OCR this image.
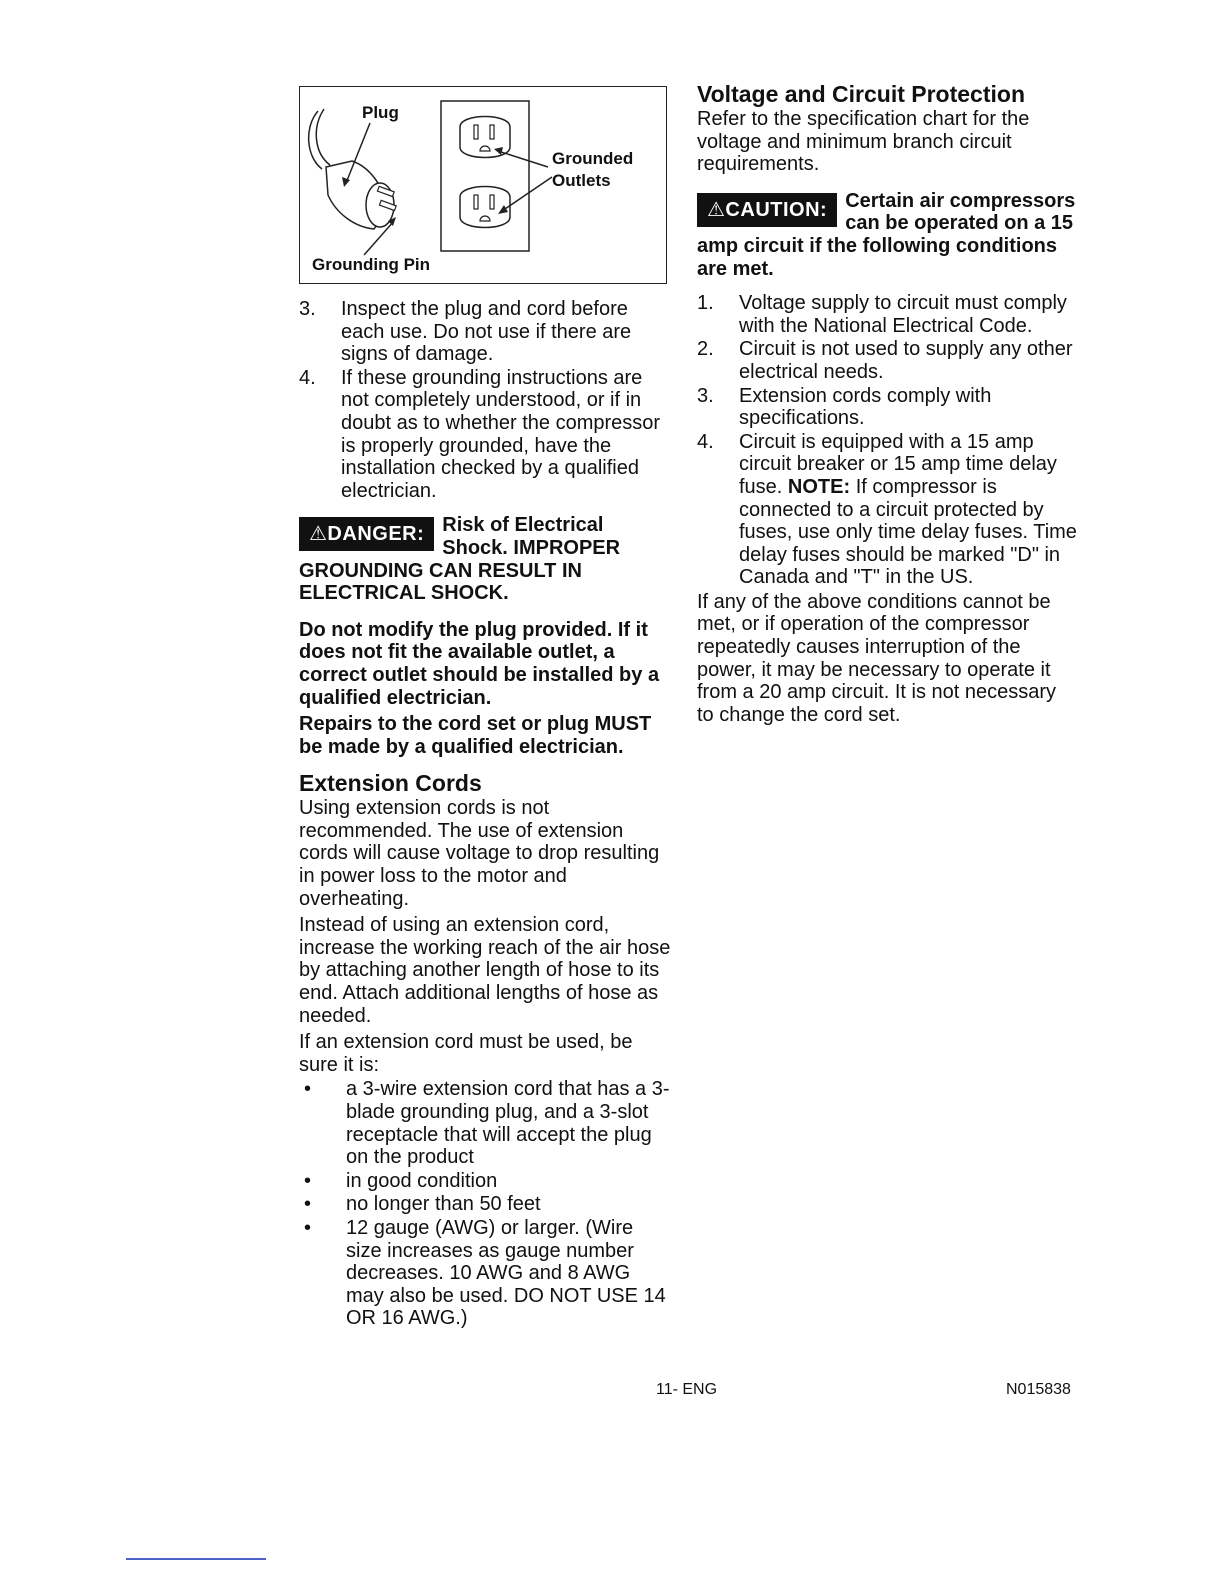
Plug
Grounded
Outlets
Grounding Pin
3. Inspect the plug and cord before each use. Do not use if there are signs of damage.
4. If these grounding instructions are not completely understood, or if in doubt as to whether the compressor is properly grounded, have the installation checked by a qualified electrician.
⚠DANGER: Risk of Electrical Shock. IMPROPER GROUNDING CAN RESULT IN ELECTRICAL SHOCK.

Do not modify the plug provided. If it does not fit the available outlet, a correct outlet should be installed by a qualified electrician.

Repairs to the cord set or plug MUST be made by a qualified electrician.

Extension Cords
Using extension cords is not recommended. The use of extension cords will cause voltage to drop resulting in power loss to the motor and overheating.
Instead of using an extension cord, increase the working reach of the air hose by attaching another length of hose to its end. Attach additional lengths of hose as needed.
If an extension cord must be used, be sure it is:
• a 3-wire extension cord that has a 3-blade grounding plug, and a 3-slot receptacle that will accept the plug on the product
• in good condition
• no longer than 50 feet
• 12 gauge (AWG) or larger. (Wire size increases as gauge number decreases. 10 AWG and 8 AWG may also be used. DO NOT USE 14 OR 16 AWG.)
Voltage and Circuit Protection
Refer to the specification chart for the voltage and minimum branch circuit requirements.
⚠CAUTION: Certain air compressors can be operated on a 15 amp circuit if the following conditions are met.
1. Voltage supply to circuit must comply with the National Electrical Code.
2. Circuit is not used to supply any other electrical needs.
3. Extension cords comply with specifications.
4. Circuit is equipped with a 15 amp circuit breaker or 15 amp time delay fuse. NOTE: If compressor is connected to a circuit protected by fuses, use only time delay fuses. Time delay fuses should be marked "D" in Canada and "T" in the US.
If any of the above conditions cannot be met, or if operation of the compressor repeatedly causes interruption of the power, it may be necessary to operate it from a 20 amp circuit. It is not necessary to change the cord set.
11- ENG	N015838
